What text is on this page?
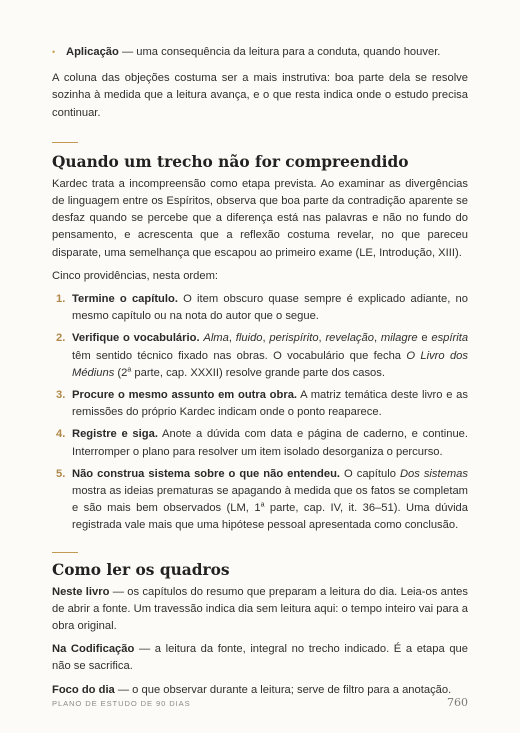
• Aplicação — uma consequência da leitura para a conduta, quando houver.

A coluna das objeções costuma ser a mais instrutiva: boa parte dela se resolve sozinha à medida que a leitura avança, e o que resta indica onde o estudo precisa continuar.

Quando um trecho não for compreendido

Kardec trata a incompreensão como etapa prevista. Ao examinar as divergências de linguagem entre os Espíritos, observa que boa parte da contradição aparente se desfaz quando se percebe que a diferença está nas palavras e não no fundo do pensamento, e acrescenta que a reflexão costuma revelar, no que pareceu disparate, uma semelhança que escapou ao primeiro exame (LE, Introdução, XIII).

Cinco providências, nesta ordem:

1. Termine o capítulo. O item obscuro quase sempre é explicado adiante, no mesmo capítulo ou na nota do autor que o segue.
2. Verifique o vocabulário. Alma, fluido, perispírito, revelação, milagre e espírita têm sentido técnico fixado nas obras. O vocabulário que fecha O Livro dos Médiuns (2$^a$ parte, cap. XXXII) resolve grande parte dos casos.
3. Procure o mesmo assunto em outra obra. A matriz temática deste livro e as remissões do próprio Kardec indicam onde o ponto reaparece.
4. Registre e siga. Anote a dúvida com data e página de caderno, e continue. Interromper o plano para resolver um item isolado desorganiza o percurso.
5. Não construa sistema sobre o que não entendeu. O capítulo Dos sistemas mostra as ideias prematuras se apagando à medida que os fatos se completam e são mais bem observados (LM, 1$^a$ parte, cap. IV, it. 36–51). Uma dúvida registrada vale mais que uma hipótese pessoal apresentada como conclusão.
Como ler os quadros

Neste livro — os capítulos do resumo que preparam a leitura do dia. Leia-os antes de abrir a fonte. Um travessão indica dia sem leitura aqui: o tempo inteiro vai para a obra original.

Na Codificação — a leitura da fonte, integral no trecho indicado. É a etapa que não se sacrifica.

Foco do dia — o que observar durante a leitura; serve de filtro para a anotação.

PLANO DE ESTUDO DE 90 DIAS	760
